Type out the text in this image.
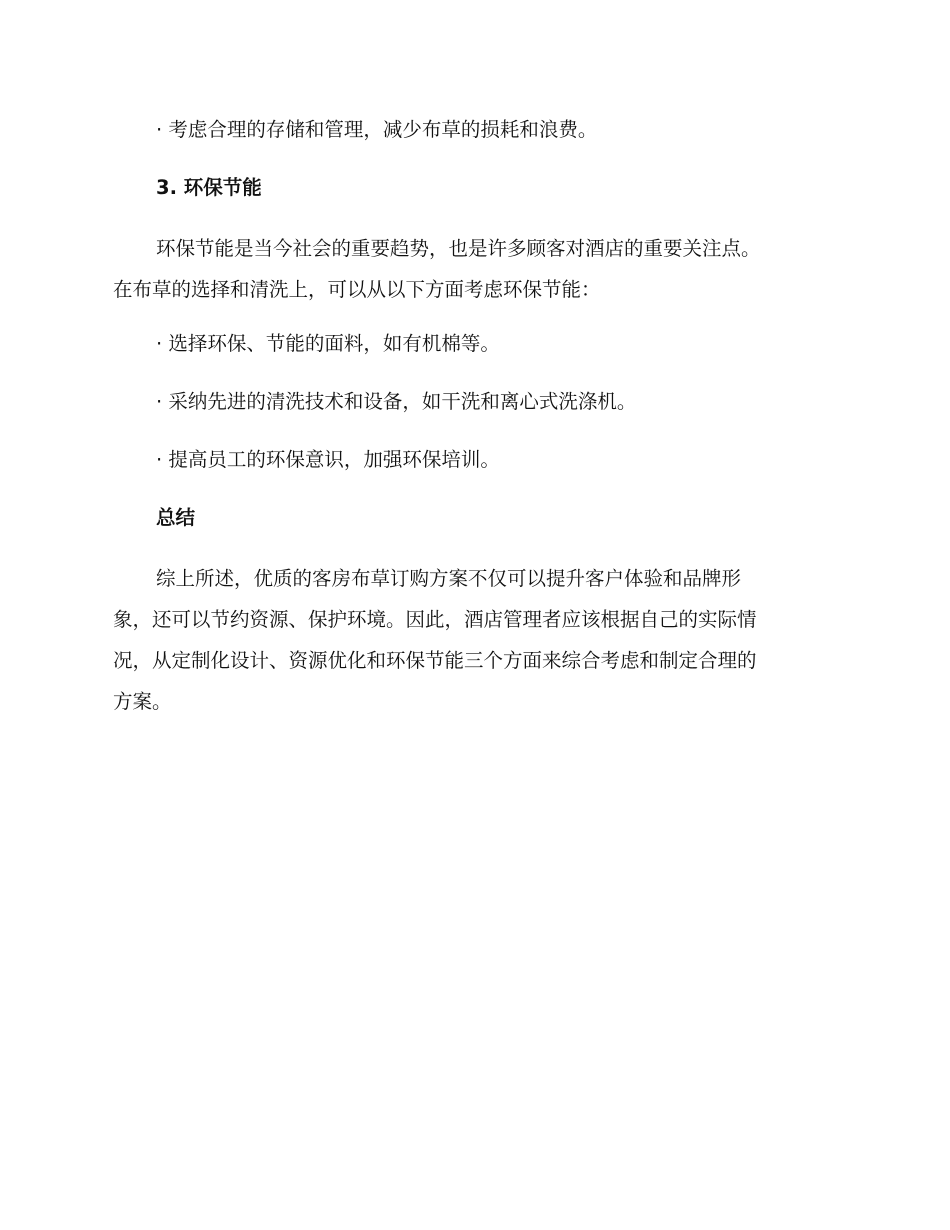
· 考虑合理的存储和管理，减少布草的损耗和浪费。
3. 环保节能
环保节能是当今社会的重要趋势，也是许多顾客对酒店的重要关注点。
在布草的选择和清洗上，可以从以下方面考虑环保节能：
· 选择环保、节能的面料，如有机棉等。
· 采纳先进的清洗技术和设备，如干洗和离心式洗涤机。
· 提高员工的环保意识，加强环保培训。
总结
综上所述，优质的客房布草订购方案不仅可以提升客户体验和品牌形
象，还可以节约资源、保护环境。因此，酒店管理者应该根据自己的实际情
况，从定制化设计、资源优化和环保节能三个方面来综合考虑和制定合理的
方案。
